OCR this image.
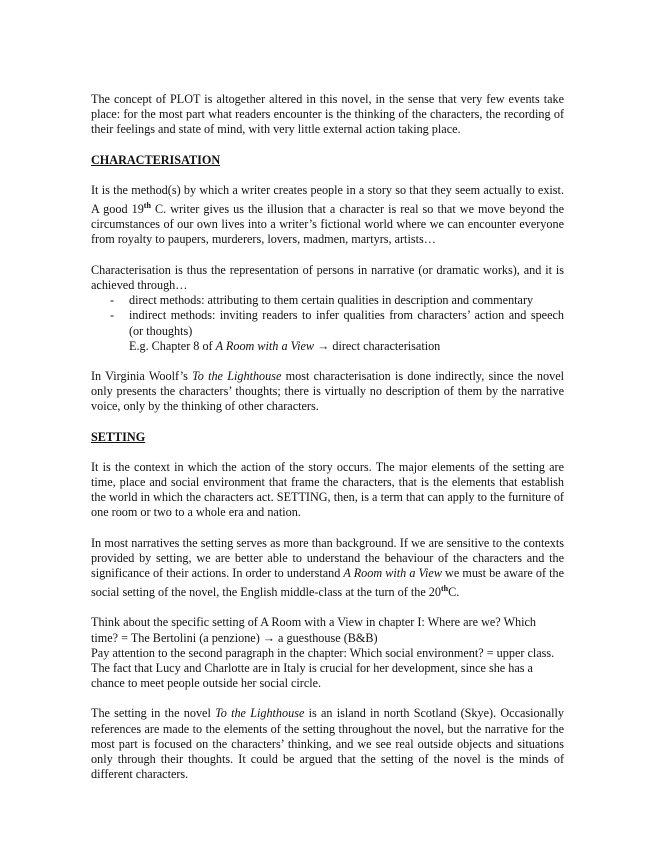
The concept of PLOT is altogether altered in this novel, in the sense that very few events take place: for the most part what readers encounter is the thinking of the characters, the recording of their feelings and state of mind, with very little external action taking place.

CHARACTERISATION

It is the method(s) by which a writer creates people in a story so that they seem actually to exist. A good 19th C. writer gives us the illusion that a character is real so that we move beyond the circumstances of our own lives into a writer’s fictional world where we can encounter everyone from royalty to paupers, murderers, lovers, madmen, martyrs, artists…

Characterisation is thus the representation of persons in narrative (or dramatic works), and it is achieved through…

- direct methods: attributing to them certain qualities in description and commentary
- indirect methods: inviting readers to infer qualities from characters’ action and speech (or thoughts)

E.g. Chapter 8 of A Room with a View → direct characterisation

In Virginia Woolf’s To the Lighthouse most characterisation is done indirectly, since the novel only presents the characters’ thoughts; there is virtually no description of them by the narrative voice, only by the thinking of other characters.

SETTING

It is the context in which the action of the story occurs. The major elements of the setting are time, place and social environment that frame the characters, that is the elements that establish the world in which the characters act. SETTING, then, is a term that can apply to the furniture of one room or two to a whole era and nation.

In most narratives the setting serves as more than background. If we are sensitive to the contexts provided by setting, we are better able to understand the behaviour of the characters and the significance of their actions. In order to understand A Room with a View we must be aware of the social setting of the novel, the English middle-class at the turn of the 20thC.

Think about the specific setting of A Room with a View in chapter I: Where are we? Which time? = The Bertolini (a penzione) → a guesthouse (B&B)

Pay attention to the second paragraph in the chapter: Which social environment? = upper class. The fact that Lucy and Charlotte are in Italy is crucial for her development, since she has a chance to meet people outside her social circle.

The setting in the novel To the Lighthouse is an island in north Scotland (Skye). Occasionally references are made to the elements of the setting throughout the novel, but the narrative for the most part is focused on the characters’ thinking, and we see real outside objects and situations only through their thoughts. It could be argued that the setting of the novel is the minds of different characters.
